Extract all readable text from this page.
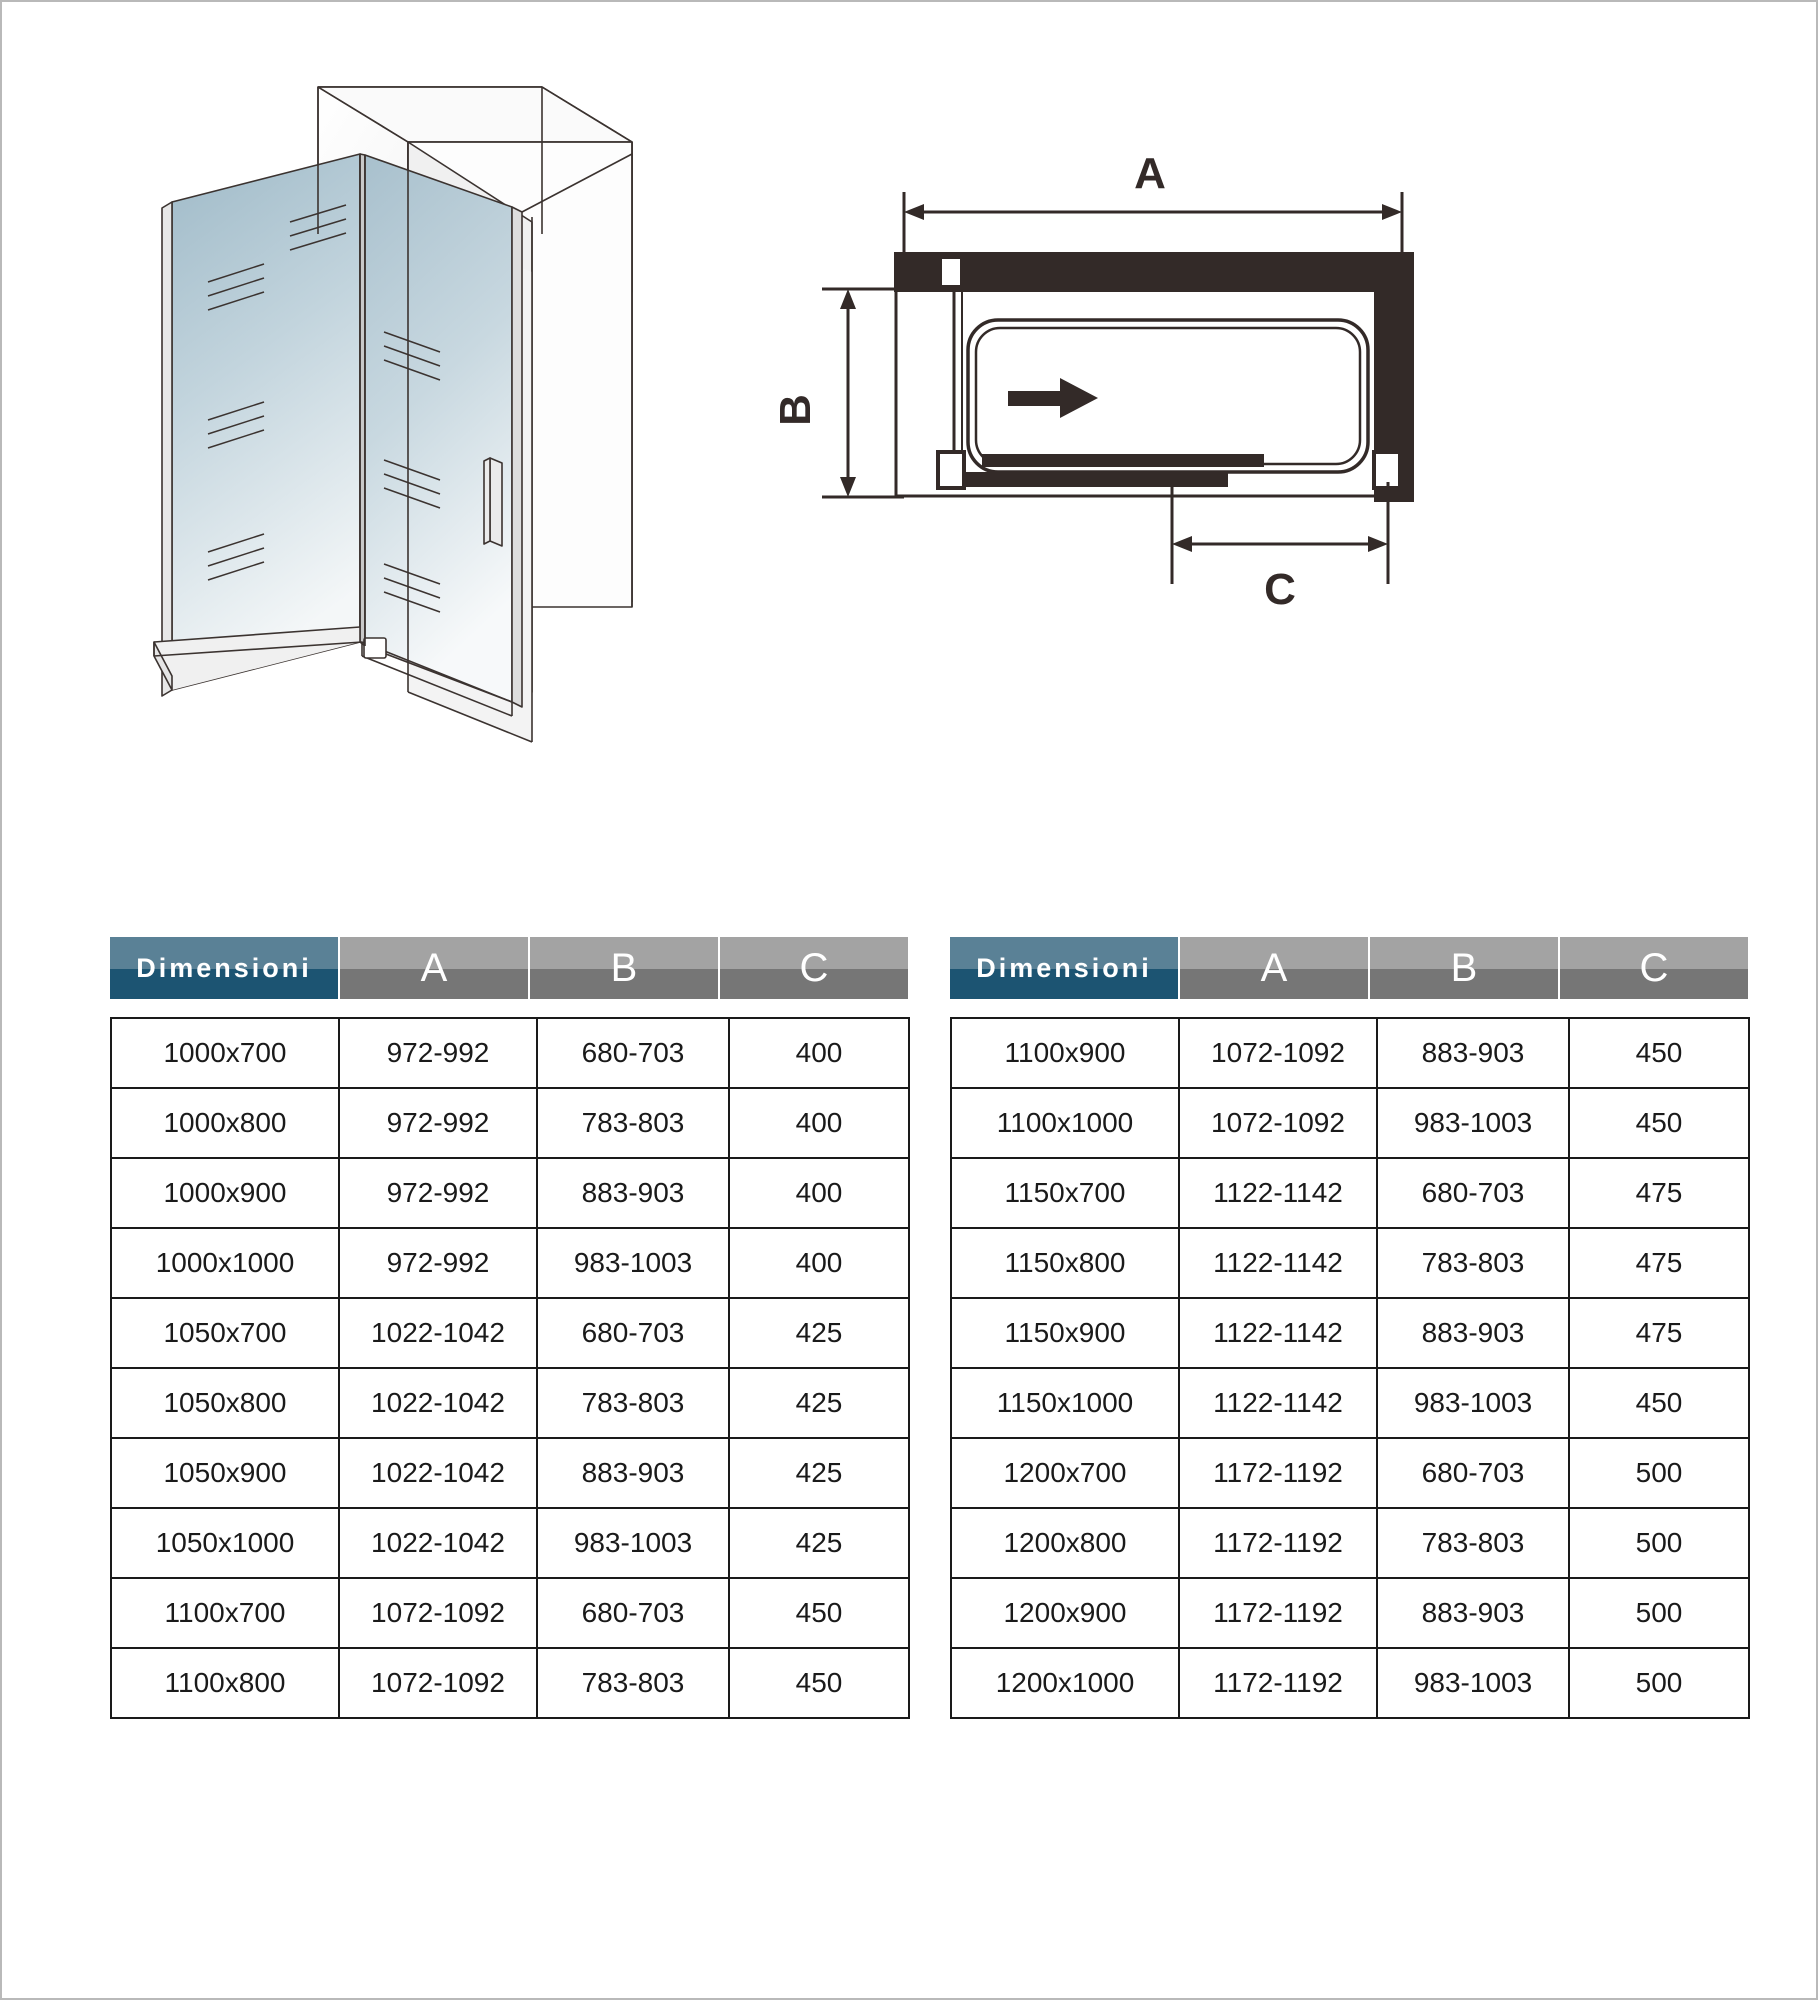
A
B
C
Dimensioni	A	B	C
1000x700	972-992	680-703	400
1000x800	972-992	783-803	400
1000x900	972-992	883-903	400
1000x1000	972-992	983-1003	400
1050x700	1022-1042	680-703	425
1050x800	1022-1042	783-803	425
1050x900	1022-1042	883-903	425
1050x1000	1022-1042	983-1003	425
1100x700	1072-1092	680-703	450
1100x800	1072-1092	783-803	450
Dimensioni	A	B	C
1100x900	1072-1092	883-903	450
1100x1000	1072-1092	983-1003	450
1150x700	1122-1142	680-703	475
1150x800	1122-1142	783-803	475
1150x900	1122-1142	883-903	475
1150x1000	1122-1142	983-1003	450
1200x700	1172-1192	680-703	500
1200x800	1172-1192	783-803	500
1200x900	1172-1192	883-903	500
1200x1000	1172-1192	983-1003	500
